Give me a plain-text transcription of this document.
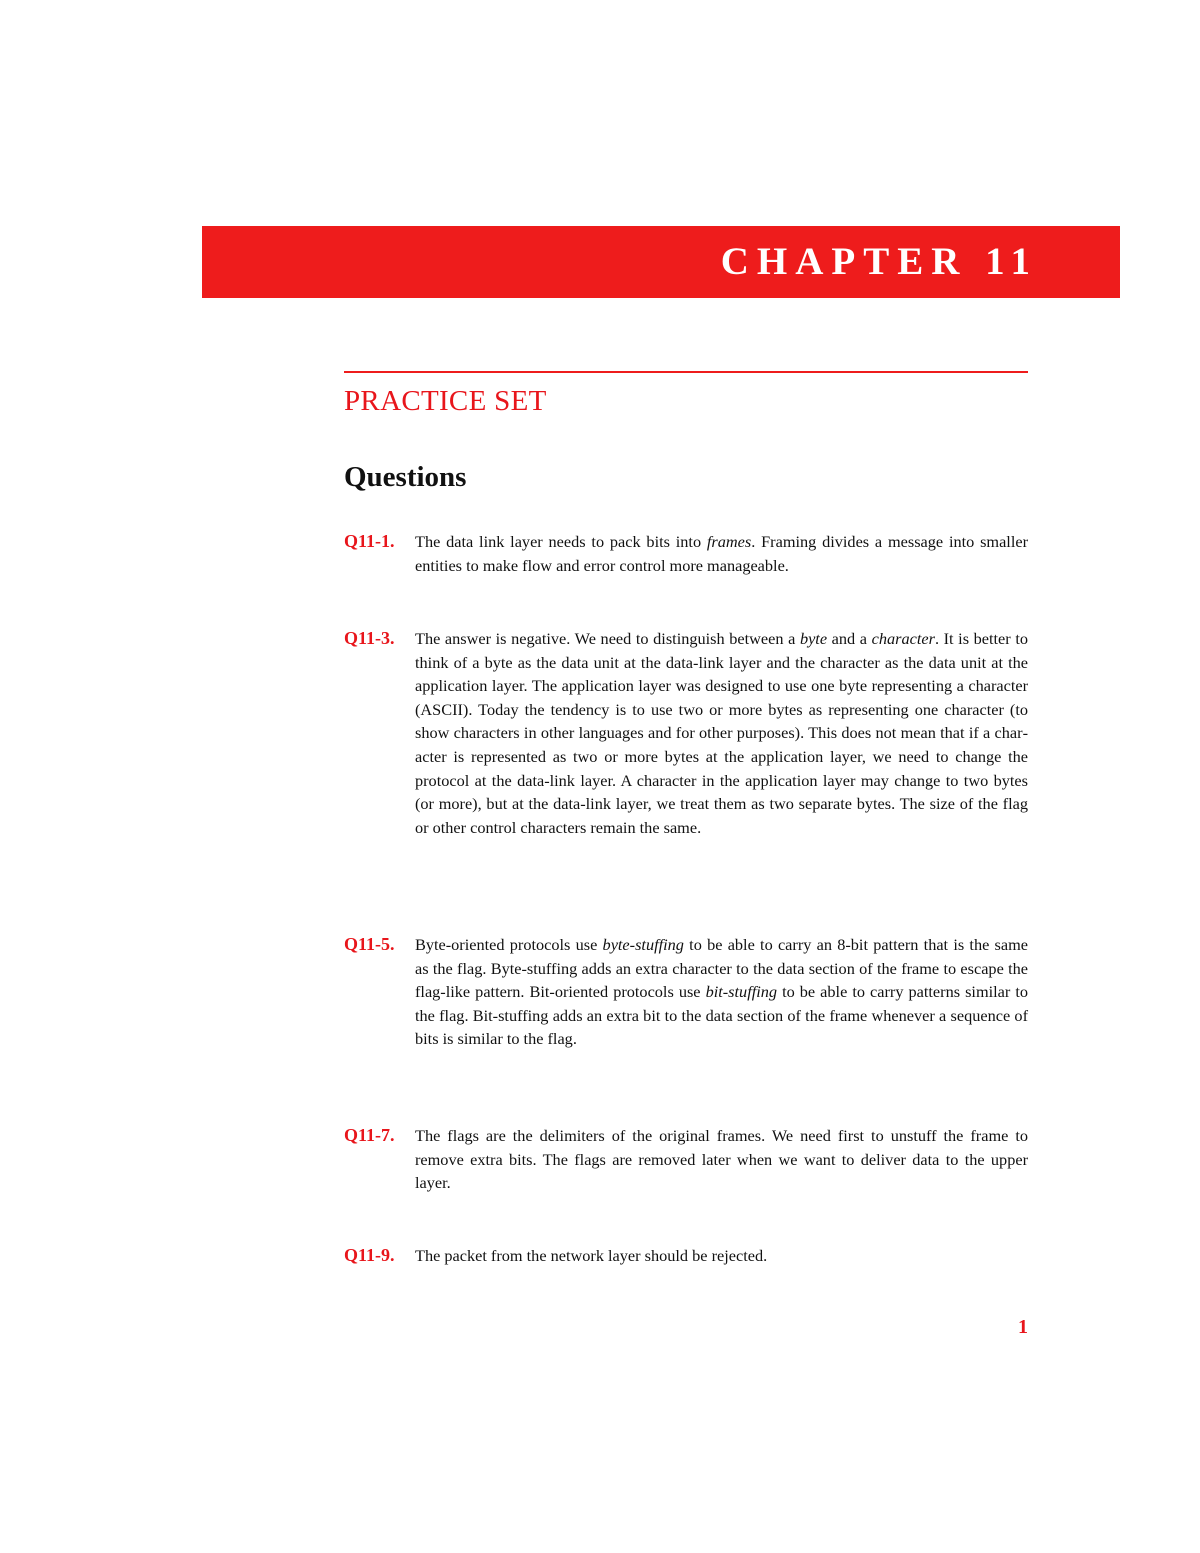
CHAPTER 11
PRACTICE SET
Questions
Q11-1. The data link layer needs to pack bits into frames. Framing divides a message into smaller entities to make flow and error control more manageable.
Q11-3. The answer is negative. We need to distinguish between a byte and a character. It is better to think of a byte as the data unit at the data-link layer and the character as the data unit at the application layer. The application layer was designed to use one byte representing a character (ASCII). Today the tendency is to use two or more bytes as representing one character (to show characters in other languages and for other purposes). This does not mean that if a character is represented as two or more bytes at the application layer, we need to change the protocol at the data-link layer. A character in the application layer may change to two bytes (or more), but at the data-link layer, we treat them as two separate bytes. The size of the flag or other control characters remain the same.
Q11-5. Byte-oriented protocols use byte-stuffing to be able to carry an 8-bit pattern that is the same as the flag. Byte-stuffing adds an extra character to the data section of the frame to escape the flag-like pattern. Bit-oriented protocols use bit-stuffing to be able to carry patterns similar to the flag. Bit-stuffing adds an extra bit to the data section of the frame whenever a sequence of bits is similar to the flag.
Q11-7. The flags are the delimiters of the original frames. We need first to unstuff the frame to remove extra bits. The flags are removed later when we want to deliver data to the upper layer.
Q11-9. The packet from the network layer should be rejected.
1
